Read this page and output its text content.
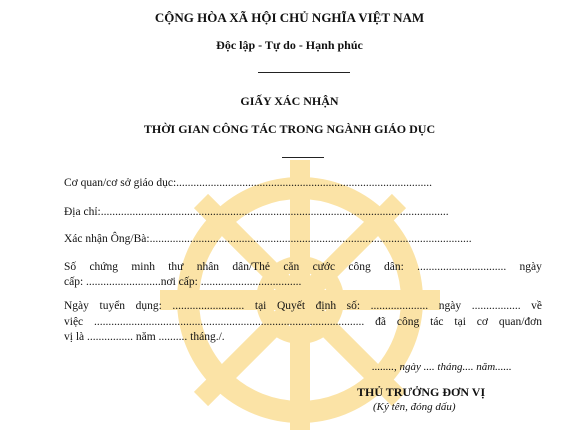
CỘNG HÒA XÃ HỘI CHỦ NGHĨA VIỆT NAM
Độc lập - Tự do - Hạnh phúc
GIẤY XÁC NHẬN
THỜI GIAN CÔNG TÁC TRONG NGÀNH GIÁO DỤC
Cơ quan/cơ sở giáo dục:.........................................................................................
Địa chỉ:.........................................................................................................................
Xác nhận Ông/Bà:................................................................................................................
Số chứng minh thư nhân dân/Thẻ căn cước công dân: ............................... ngày
cấp: ..........................nơi cấp: ...................................
Ngày tuyển dụng: ......................... tại Quyết định số: .................... ngày ................. về
việc .............................................................................................. đã công tác tại cơ quan/đơn
vị là ................ năm .......... tháng./.
........, ngày .... tháng.... năm......
THỦ TRƯỞNG ĐƠN VỊ
(Ký tên, đóng dấu)
